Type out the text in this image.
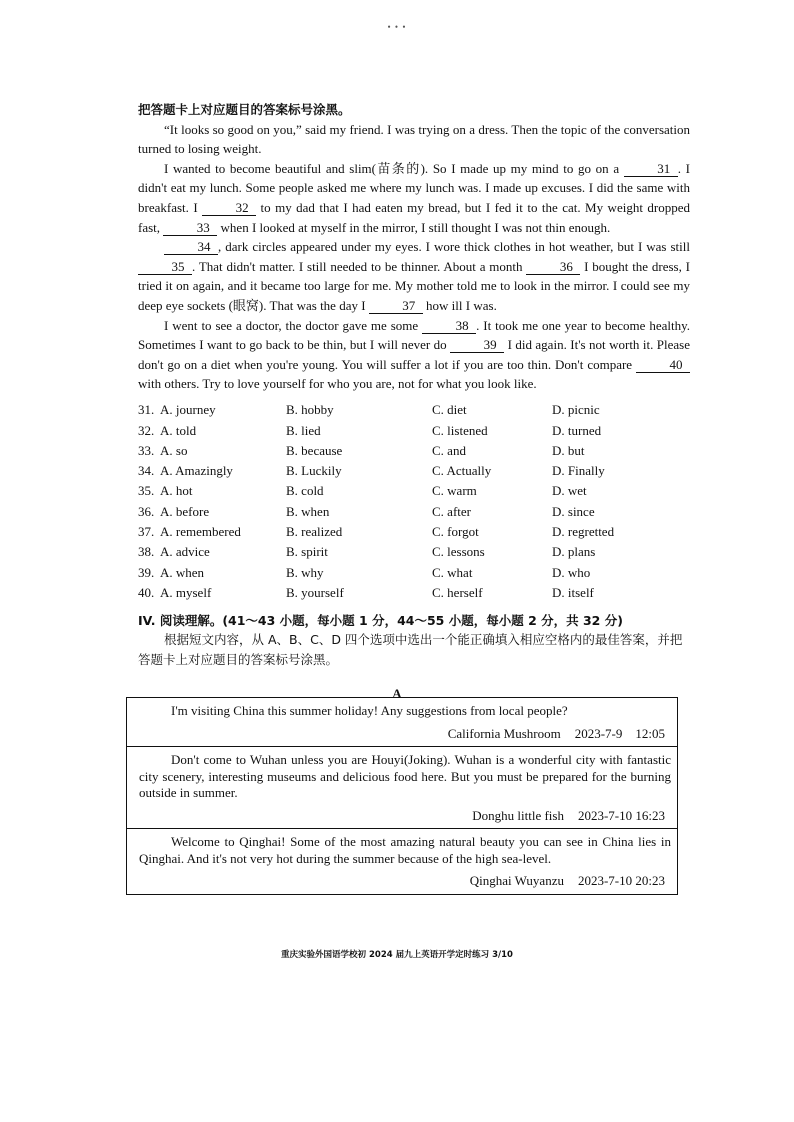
• • •

把答题卡上对应题目的答案标号涂黑。

“It looks so good on you,” said my friend. I was trying on a dress. Then the topic of the conversation turned to losing weight.

I wanted to become beautiful and slim(苗条的). So I made up my mind to go on a	31 . I didn't eat my lunch. Some people asked me where my lunch was. I made up excuses. I did the same with breakfast. I	32 to my dad that I had eaten my bread, but I fed it to the cat. My weight dropped fast,	33 when I looked at myself in the mirror, I still thought I was not thin enough.

34 , dark circles appeared under my eyes. I wore thick clothes in hot weather, but I was still 35 . That didn't matter. I still needed to be thinner. About a month	36 I bought the dress, I tried it on again, and it became too large for me. My mother told me to look in the mirror. I could see my deep eye sockets (眼窝). That was the day I	37 how ill I was.

I went to see a doctor, the doctor gave me some	38 . It took me one year to become healthy. Sometimes I want to go back to be thin, but I will never do	39 I did again. It's not worth it. Please don't go on a diet when you're young. You will suffer a lot if you are too thin. Don't compare	40 with others. Try to love yourself for who you are, not for what you look like.

31. A. journey	B. hobby	C. diet	D. picnic
32. A. told	B. lied	C. listened	D. turned
33. A. so	B. because	C. and	D. but
34. A. Amazingly	B. Luckily	C. Actually	D. Finally
35. A. hot	B. cold	C. warm	D. wet
36. A. before	B. when	C. after	D. since
37. A. remembered	B. realized	C. forgot	D. regretted
38. A. advice	B. spirit	C. lessons	D. plans
39. A. when	B. why	C. what	D. who
40. A. myself	B. yourself	C. herself	D. itself
IV. 阅读理解。(41～43 小题，每小题 1 分，44～55 小题，每小题 2 分，共 32 分)
根据短文内容，从 A、B、C、D 四个选项中选出一个能正确填入相应空格内的最佳答案，并把答题卡上对应题目的答案标号涂黑。
A

I'm visiting China this summer holiday! Any suggestions from local people?

California Mushroom 2023-7-9    12:05

Don't come to Wuhan unless you are Houyi(Joking). Wuhan is a wonderful city with fantastic city scenery, interesting museums and delicious food here. But you must be prepared for the burning outside in summer.

Donghu little fish 2023-7-10 16:23

Welcome to Qinghai! Some of the most amazing natural beauty you can see in China lies in Qinghai. And it's not very hot during the summer because of the high sea-level.

Qinghai Wuyanzu 2023-7-10 20:23
重庆实验外国语学校初 2024 届九上英语开学定时练习 3/10
